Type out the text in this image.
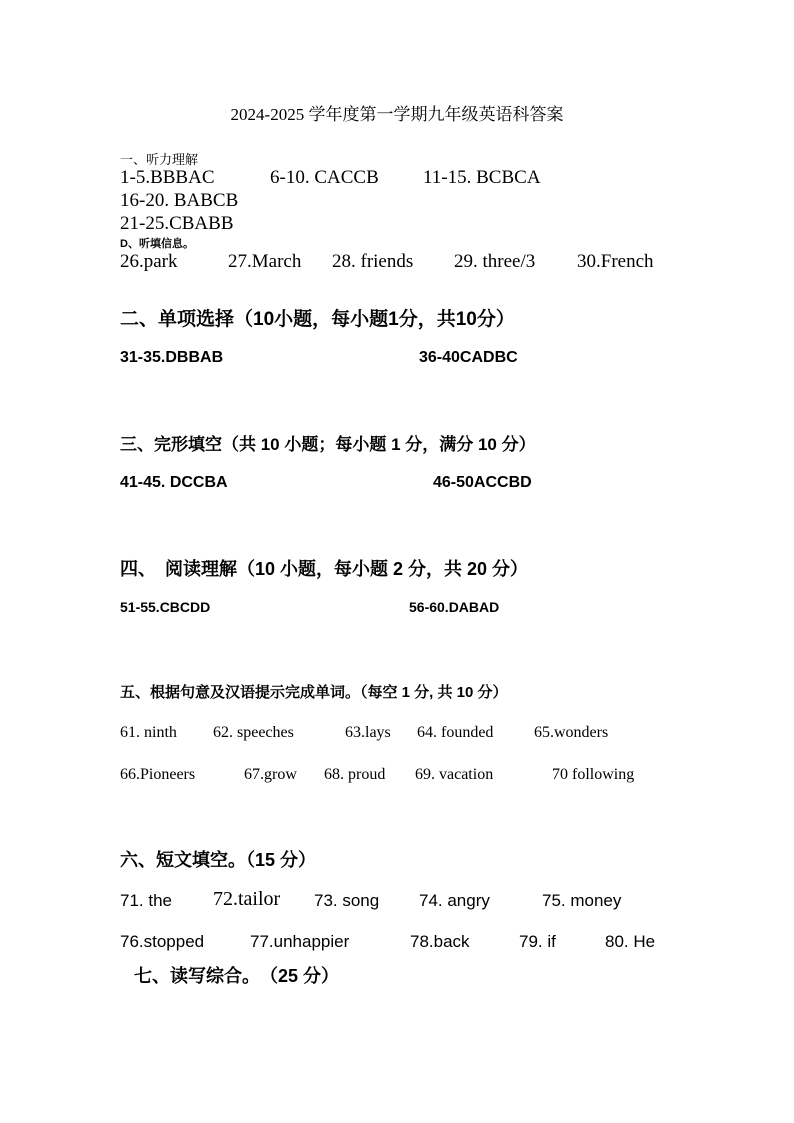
2024-2025 学年度第一学期九年级英语科答案
一、听力理解
1-5.BBBAC	6-10. CACCB 11-15. BCBCA
16-20. BABCB
21-25.CBABB
D、听填信息。
26.park	27.March 28. friends 29. three/3 30.French
二、单项选择（10小题，每小题1分，共10分）
31-35.DBBAB	36-40CADBC
三、完形填空（共 10 小题；每小题 1 分，满分 10 分）
41-45. DCCBA	46-50ACCBD
四、　阅读理解（10 小题，每小题 2 分，共 20 分）
51-55.CBCDD	56-60.DABAD
五、根据句意及汉语提示完成单词。（每空 1 分, 共 10 分）
61. ninth 62. speeches	63.lays 64. founded	65.wonders
66.Pioneers	67.grow 68. proud 69. vacation	70 following
六、短文填空。（15 分）
71. the 72.tailor 73. song 74. angry	75. money
76.stopped	77.unhappier	78.back	79. if	80. He
七、读写综合。　（25 分）
